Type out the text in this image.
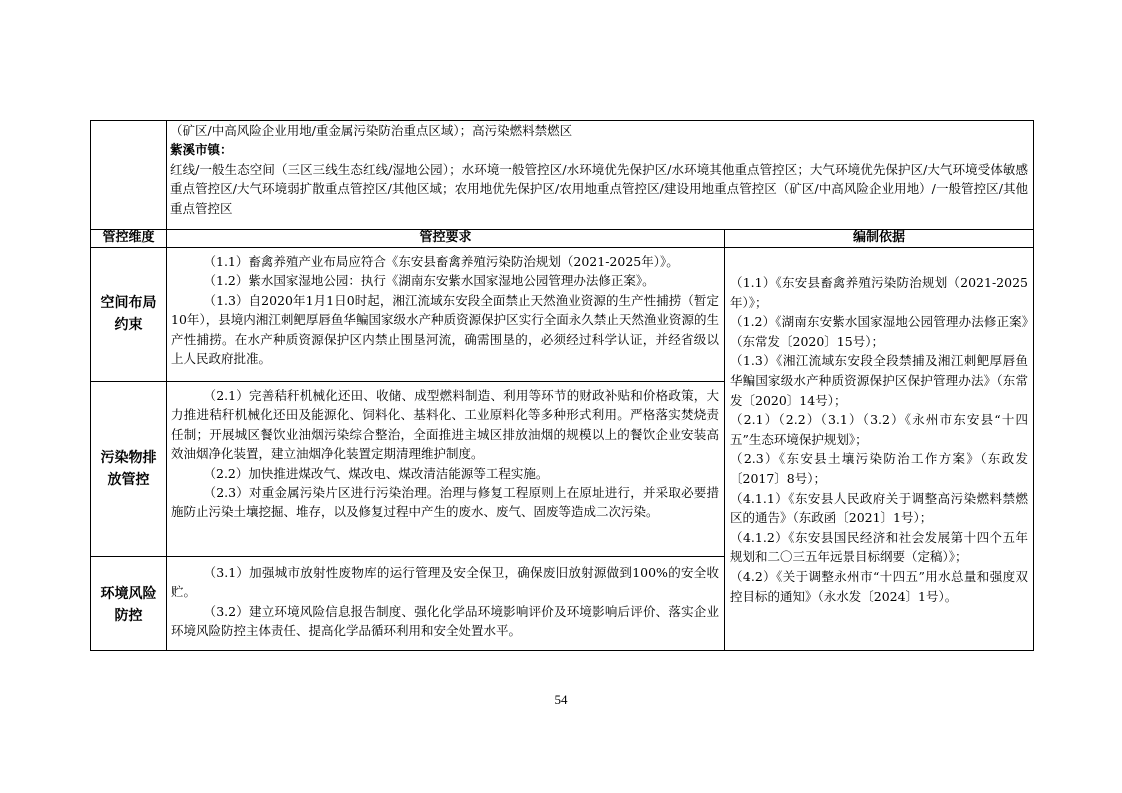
（矿区/中高风险企业用地/重金属污染防治重点区域）；高污染燃料禁燃区

紫溪市镇：

红线/一般生态空间（三区三线生态红线/湿地公园）；水环境一般管控区/水环境优先保护区/水环境其他重点管控区；大气环境优先保护区/大气环境受体敏感重点管控区/大气环境弱扩散重点管控区/其他区域；农用地优先保护区/农用地重点管控区/建设用地重点管控区（矿区/中高风险企业用地）/一般管控区/其他重点管控区

管控维度	管控要求	编制依据
空间布局
约束

（1.1）畜禽养殖产业布局应符合《东安县畜禽养殖污染防治规划（2021-2025年）》。

（1.2）紫水国家湿地公园：执行《湖南东安紫水国家湿地公园管理办法修正案》。

（1.3）自2020年1月1日0时起，湘江流域东安段全面禁止天然渔业资源的生产性捕捞（暂定10年），县境内湘江刺鲃厚唇鱼华鳊国家级水产种质资源保护区实行全面永久禁止天然渔业资源的生产性捕捞。在水产种质资源保护区内禁止围垦河流，确需围垦的，必须经过科学认证，并经省级以上人民政府批准。

污染物排
放管控

（2.1）完善秸秆机械化还田、收储、成型燃料制造、利用等环节的财政补贴和价格政策，大力推进秸秆机械化还田及能源化、饲料化、基料化、工业原料化等多种形式利用。严格落实焚烧责任制；开展城区餐饮业油烟污染综合整治，全面推进主城区排放油烟的规模以上的餐饮企业安装高效油烟净化装置，建立油烟净化装置定期清理维护制度。

（2.2）加快推进煤改气、煤改电、煤改清洁能源等工程实施。

（2.3）对重金属污染片区进行污染治理。治理与修复工程原则上在原址进行，并采取必要措施防止污染土壤挖掘、堆存，以及修复过程中产生的废水、废气、固废等造成二次污染。

环境风险
防控

（3.1）加强城市放射性废物库的运行管理及安全保卫，确保废旧放射源做到100%的安全收贮。

（3.2）建立环境风险信息报告制度、强化化学品环境影响评价及环境影响后评价、落实企业环境风险防控主体责任、提高化学品循环利用和安全处置水平。

（1.1）《东安县畜禽养殖污染防治规划（2021-2025年）》；

（1.2）《湖南东安紫水国家湿地公园管理办法修正案》（东常发〔2020〕15号）；

（1.3）《湘江流域东安段全段禁捕及湘江刺鲃厚唇鱼华鳊国家级水产种质资源保护区保护管理办法》（东常发〔2020〕14号）；

（2.1）（2.2）（3.1）（3.2）《永州市东安县“十四五”生态环境保护规划》；

（2.3）《东安县土壤污染防治工作方案》（东政发〔2017〕8号）；

（4.1.1）《东安县人民政府关于调整高污染燃料禁燃区的通告》（东政函〔2021〕1号）；

（4.1.2）《东安县国民经济和社会发展第十四个五年规划和二〇三五年远景目标纲要（定稿）》；

（4.2）《关于调整永州市“十四五”用水总量和强度双控目标的通知》（永水发〔2024〕1号）。

54
